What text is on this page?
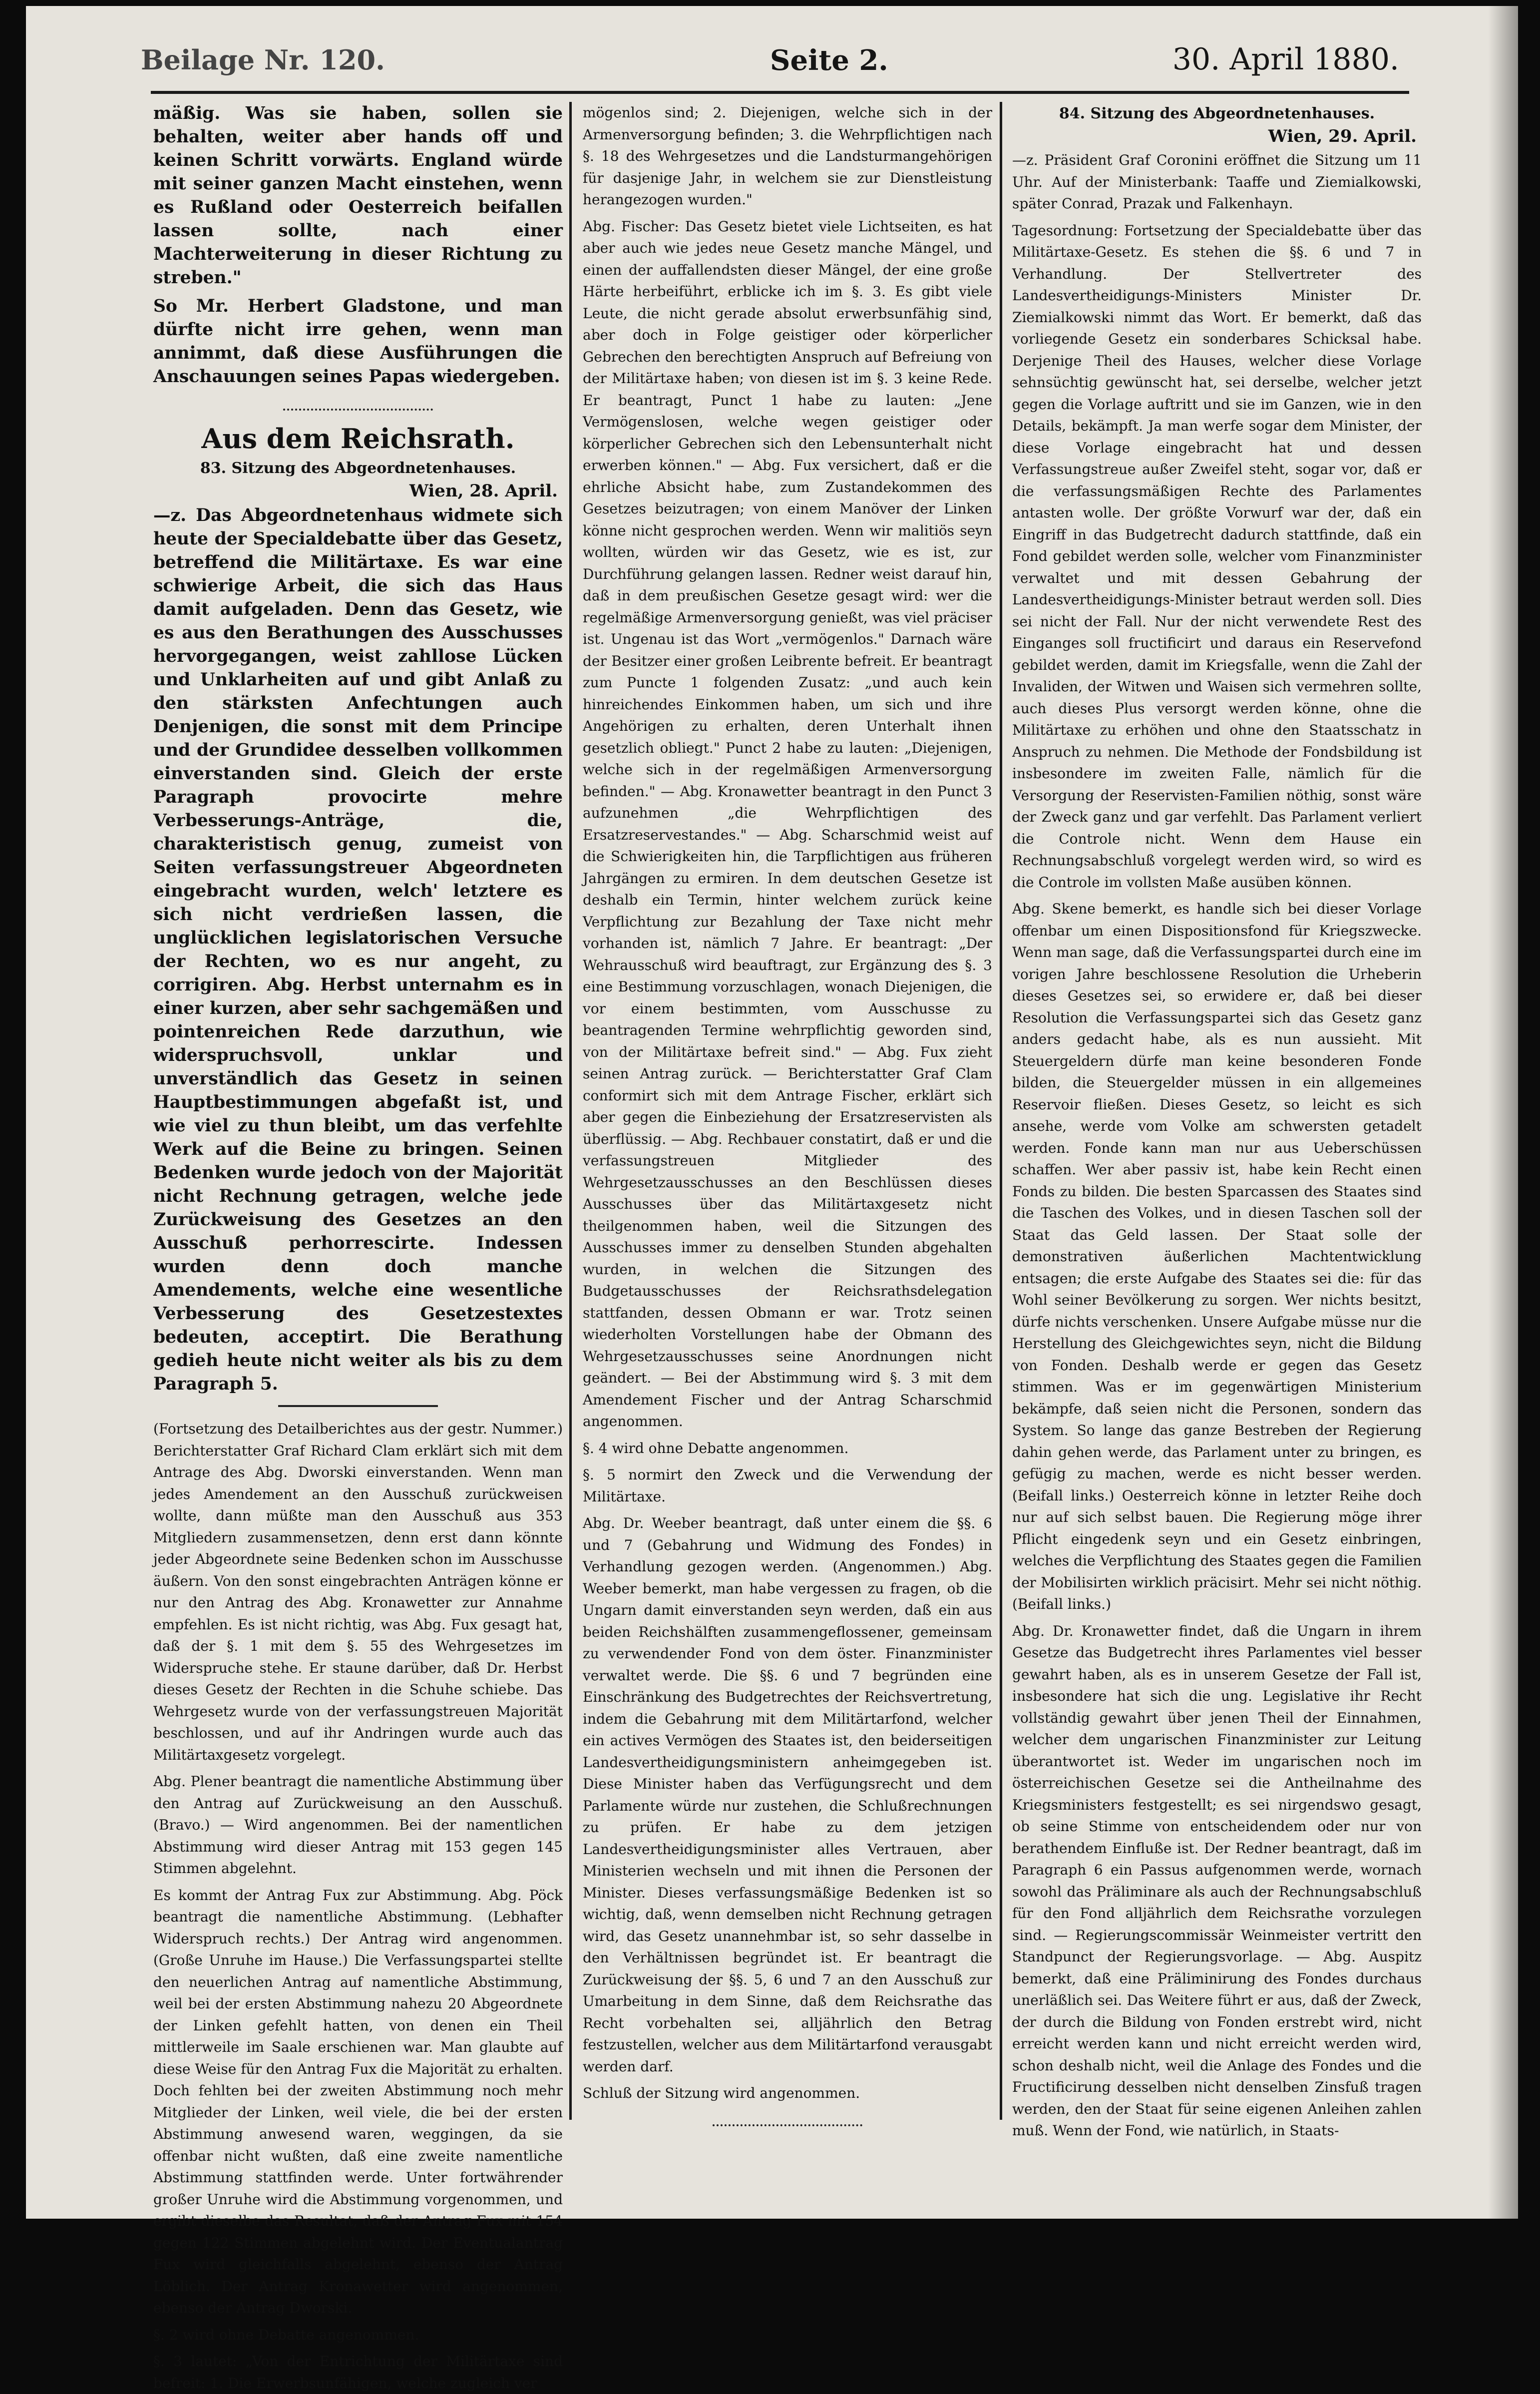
Beilage Nr. 120.	Seite 2.	30. April 1880.

mäßig. Was sie haben, sollen sie behalten, weiter aber hands off und keinen Schritt vorwärts. England würde mit seiner ganzen Macht einstehen, wenn es Rußland oder Oesterreich beifallen lassen sollte, nach einer Machterweiterung in dieser Richtung zu streben."

So Mr. Herbert Gladstone, und man dürfte nicht irre gehen, wenn man annimmt, daß diese Ausführungen die Anschauungen seines Papas wiedergeben.

Aus dem Reichsrath.
83. Sitzung des Abgeordnetenhauses.
Wien, 28. April.

—z. Das Abgeordnetenhaus widmete sich heute der Specialdebatte über das Gesetz, betreffend die Militärtaxe. Es war eine schwierige Arbeit, die sich das Haus damit aufgeladen. Denn das Gesetz, wie es aus den Berathungen des Ausschusses hervorgegangen, weist zahllose Lücken und Unklarheiten auf und gibt Anlaß zu den stärksten Anfechtungen auch Denjenigen, die sonst mit dem Principe und der Grundidee desselben vollkommen einverstanden sind. Gleich der erste Paragraph provocirte mehre Verbesserungs-Anträge, die, charakteristisch genug, zumeist von Seiten verfassungstreuer Abgeordneten eingebracht wurden, welch' letztere es sich nicht verdrießen lassen, die unglücklichen legislatorischen Versuche der Rechten, wo es nur angeht, zu corrigiren. Abg. Herbst unternahm es in einer kurzen, aber sehr sachgemäßen und pointenreichen Rede darzuthun, wie widerspruchsvoll, unklar und unverständlich das Gesetz in seinen Hauptbestimmungen abgefaßt ist, und wie viel zu thun bleibt, um das verfehlte Werk auf die Beine zu bringen. Seinen Bedenken wurde jedoch von der Majorität nicht Rechnung getragen, welche jede Zurückweisung des Gesetzes an den Ausschuß perhorrescirte. Indessen wurden denn doch manche Amendements, welche eine wesentliche Verbesserung des Gesetzestextes bedeuten, acceptirt. Die Berathung gedieh heute nicht weiter als bis zu dem Paragraph 5.

(Fortsetzung des Detailberichtes aus der gestr. Nummer.) Berichterstatter Graf Richard Clam erklärt sich mit dem Antrage des Abg. Dworski einverstanden. Wenn man jedes Amendement an den Ausschuß zurückweisen wollte, dann müßte man den Ausschuß aus 353 Mitgliedern zusammensetzen, denn erst dann könnte jeder Abgeordnete seine Bedenken schon im Ausschusse äußern. Von den sonst eingebrachten Anträgen könne er nur den Antrag des Abg. Kronawetter zur Annahme empfehlen. Es ist nicht richtig, was Abg. Fux gesagt hat, daß der §. 1 mit dem §. 55 des Wehrgesetzes im Widerspruche stehe. Er staune darüber, daß Dr. Herbst dieses Gesetz der Rechten in die Schuhe schiebe. Das Wehrgesetz wurde von der verfassungstreuen Majorität beschlossen, und auf ihr Andringen wurde auch das Militärtaxgesetz vorgelegt.

Abg. Plener beantragt die namentliche Abstimmung über den Antrag auf Zurückweisung an den Ausschuß. (Bravo.) — Wird angenommen. Bei der namentlichen Abstimmung wird dieser Antrag mit 153 gegen 145 Stimmen abgelehnt.

Es kommt der Antrag Fux zur Abstimmung. Abg. Pöck beantragt die namentliche Abstimmung. (Lebhafter Widerspruch rechts.) Der Antrag wird angenommen. (Große Unruhe im Hause.) Die Verfassungspartei stellte den neuerlichen Antrag auf namentliche Abstimmung, weil bei der ersten Abstimmung nahezu 20 Abgeordnete der Linken gefehlt hatten, von denen ein Theil mittlerweile im Saale erschienen war. Man glaubte auf diese Weise für den Antrag Fux die Majorität zu erhalten. Doch fehlten bei der zweiten Abstimmung noch mehr Mitglieder der Linken, weil viele, die bei der ersten Abstimmung anwesend waren, weggingen, da sie offenbar nicht wußten, daß eine zweite namentliche Abstimmung stattfinden werde. Unter fortwährender großer Unruhe wird die Abstimmung vorgenommen, und ergibt dieselbe das Resultat, daß der Antrag Fux mit 154 gegen 122 Stimmen abgelehnt wird. Der Eventualantrag Fux wird gleichfalls abgelehnt, ebenso der Antrag Löblich. Der Antrag Kronawetter wird angenommen, ebenso der Antrag Dworski.

§. 2 wird ohne Debatte angenommen.

§. 3 lautet: „Von der Entrichtung der Militärtaxe sind befreit: 1. Die Erwerbsunfähigen, welche zugleich ver

mögenlos sind; 2. Diejenigen, welche sich in der Armenversorgung befinden; 3. die Wehrpflichtigen nach §. 18 des Wehrgesetzes und die Landsturmangehörigen für dasjenige Jahr, in welchem sie zur Dienstleistung herangezogen wurden."

Abg. Fischer: Das Gesetz bietet viele Lichtseiten, es hat aber auch wie jedes neue Gesetz manche Mängel, und einen der auffallendsten dieser Mängel, der eine große Härte herbeiführt, erblicke ich im §. 3. Es gibt viele Leute, die nicht gerade absolut erwerbsunfähig sind, aber doch in Folge geistiger oder körperlicher Gebrechen den berechtigten Anspruch auf Befreiung von der Militärtaxe haben; von diesen ist im §. 3 keine Rede. Er beantragt, Punct 1 habe zu lauten: „Jene Vermögenslosen, welche wegen geistiger oder körperlicher Gebrechen sich den Lebensunterhalt nicht erwerben können." — Abg. Fux versichert, daß er die ehrliche Absicht habe, zum Zustandekommen des Gesetzes beizutragen; von einem Manöver der Linken könne nicht gesprochen werden. Wenn wir malitiös seyn wollten, würden wir das Gesetz, wie es ist, zur Durchführung gelangen lassen. Redner weist darauf hin, daß in dem preußischen Gesetze gesagt wird: wer die regelmäßige Armenversorgung genießt, was viel präciser ist. Ungenau ist das Wort „vermögenlos." Darnach wäre der Besitzer einer großen Leibrente befreit. Er beantragt zum Puncte 1 folgenden Zusatz: „und auch kein hinreichendes Einkommen haben, um sich und ihre Angehörigen zu erhalten, deren Unterhalt ihnen gesetzlich obliegt." Punct 2 habe zu lauten: „Diejenigen, welche sich in der regelmäßigen Armenversorgung befinden." — Abg. Kronawetter beantragt in den Punct 3 aufzunehmen „die Wehrpflichtigen des Ersatzreservestandes." — Abg. Scharschmid weist auf die Schwierigkeiten hin, die Tarpflichtigen aus früheren Jahrgängen zu ermiren. In dem deutschen Gesetze ist deshalb ein Termin, hinter welchem zurück keine Verpflichtung zur Bezahlung der Taxe nicht mehr vorhanden ist, nämlich 7 Jahre. Er beantragt: „Der Wehrausschuß wird beauftragt, zur Ergänzung des §. 3 eine Bestimmung vorzuschlagen, wonach Diejenigen, die vor einem bestimmten, vom Ausschusse zu beantragenden Termine wehrpflichtig geworden sind, von der Militärtaxe befreit sind." — Abg. Fux zieht seinen Antrag zurück. — Berichterstatter Graf Clam conformirt sich mit dem Antrage Fischer, erklärt sich aber gegen die Einbeziehung der Ersatzreservisten als überflüssig. — Abg. Rechbauer constatirt, daß er und die verfassungstreuen Mitglieder des Wehrgesetzausschusses an den Beschlüssen dieses Ausschusses über das Militärtaxgesetz nicht theilgenommen haben, weil die Sitzungen des Ausschusses immer zu denselben Stunden abgehalten wurden, in welchen die Sitzungen des Budgetausschusses der Reichsrathsdelegation stattfanden, dessen Obmann er war. Trotz seinen wiederholten Vorstellungen habe der Obmann des Wehrgesetzausschusses seine Anordnungen nicht geändert. — Bei der Abstimmung wird §. 3 mit dem Amendement Fischer und der Antrag Scharschmid angenommen.

§. 4 wird ohne Debatte angenommen.

§. 5 normirt den Zweck und die Verwendung der Militärtaxe.

Abg. Dr. Weeber beantragt, daß unter einem die §§. 6 und 7 (Gebahrung und Widmung des Fondes) in Verhandlung gezogen werden. (Angenommen.) Abg. Weeber bemerkt, man habe vergessen zu fragen, ob die Ungarn damit einverstanden seyn werden, daß ein aus beiden Reichshälften zusammengeflossener, gemeinsam zu verwendender Fond von dem öster. Finanzminister verwaltet werde. Die §§. 6 und 7 begründen eine Einschränkung des Budgetrechtes der Reichsvertretung, indem die Gebahrung mit dem Militärtarfond, welcher ein actives Vermögen des Staates ist, den beiderseitigen Landesvertheidigungsministern anheimgegeben ist. Diese Minister haben das Verfügungsrecht und dem Parlamente würde nur zustehen, die Schlußrechnungen zu prüfen. Er habe zu dem jetzigen Landesvertheidigungsminister alles Vertrauen, aber Ministerien wechseln und mit ihnen die Personen der Minister. Dieses verfassungsmäßige Bedenken ist so wichtig, daß, wenn demselben nicht Rechnung getragen wird, das Gesetz unannehmbar ist, so sehr dasselbe in den Verhältnissen begründet ist. Er beantragt die Zurückweisung der §§. 5, 6 und 7 an den Ausschuß zur Umarbeitung in dem Sinne, daß dem Reichsrathe das Recht vorbehalten sei, alljährlich den Betrag festzustellen, welcher aus dem Militärtarfond verausgabt werden darf.

Schluß der Sitzung wird angenommen.

84. Sitzung des Abgeordnetenhauses.
Wien, 29. April.

—z. Präsident Graf Coronini eröffnet die Sitzung um 11 Uhr. Auf der Ministerbank: Taaffe und Ziemialkowski, später Conrad, Prazak und Falkenhayn.

Tagesordnung: Fortsetzung der Specialdebatte über das Militärtaxe-Gesetz. Es stehen die §§. 6 und 7 in Verhandlung. Der Stellvertreter des Landesvertheidigungs-Ministers Minister Dr. Ziemialkowski nimmt das Wort. Er bemerkt, daß das vorliegende Gesetz ein sonderbares Schicksal habe. Derjenige Theil des Hauses, welcher diese Vorlage sehnsüchtig gewünscht hat, sei derselbe, welcher jetzt gegen die Vorlage auftritt und sie im Ganzen, wie in den Details, bekämpft. Ja man werfe sogar dem Minister, der diese Vorlage eingebracht hat und dessen Verfassungstreue außer Zweifel steht, sogar vor, daß er die verfassungsmäßigen Rechte des Parlamentes antasten wolle. Der größte Vorwurf war der, daß ein Eingriff in das Budgetrecht dadurch stattfinde, daß ein Fond gebildet werden solle, welcher vom Finanzminister verwaltet und mit dessen Gebahrung der Landesvertheidigungs-Minister betraut werden soll. Dies sei nicht der Fall. Nur der nicht verwendete Rest des Einganges soll fructificirt und daraus ein Reservefond gebildet werden, damit im Kriegsfalle, wenn die Zahl der Invaliden, der Witwen und Waisen sich vermehren sollte, auch dieses Plus versorgt werden könne, ohne die Militärtaxe zu erhöhen und ohne den Staatsschatz in Anspruch zu nehmen. Die Methode der Fondsbildung ist insbesondere im zweiten Falle, nämlich für die Versorgung der Reservisten-Familien nöthig, sonst wäre der Zweck ganz und gar verfehlt. Das Parlament verliert die Controle nicht. Wenn dem Hause ein Rechnungsabschluß vorgelegt werden wird, so wird es die Controle im vollsten Maße ausüben können.

Abg. Skene bemerkt, es handle sich bei dieser Vorlage offenbar um einen Dispositionsfond für Kriegszwecke. Wenn man sage, daß die Verfassungspartei durch eine im vorigen Jahre beschlossene Resolution die Urheberin dieses Gesetzes sei, so erwidere er, daß bei dieser Resolution die Verfassungspartei sich das Gesetz ganz anders gedacht habe, als es nun aussieht. Mit Steuergeldern dürfe man keine besonderen Fonde bilden, die Steuergelder müssen in ein allgemeines Reservoir fließen. Dieses Gesetz, so leicht es sich ansehe, werde vom Volke am schwersten getadelt werden. Fonde kann man nur aus Ueberschüssen schaffen. Wer aber passiv ist, habe kein Recht einen Fonds zu bilden. Die besten Sparcassen des Staates sind die Taschen des Volkes, und in diesen Taschen soll der Staat das Geld lassen. Der Staat solle der demonstrativen äußerlichen Machtentwicklung entsagen; die erste Aufgabe des Staates sei die: für das Wohl seiner Bevölkerung zu sorgen. Wer nichts besitzt, dürfe nichts verschenken. Unsere Aufgabe müsse nur die Herstellung des Gleichgewichtes seyn, nicht die Bildung von Fonden. Deshalb werde er gegen das Gesetz stimmen. Was er im gegenwärtigen Ministerium bekämpfe, daß seien nicht die Personen, sondern das System. So lange das ganze Bestreben der Regierung dahin gehen werde, das Parlament unter zu bringen, es gefügig zu machen, werde es nicht besser werden. (Beifall links.) Oesterreich könne in letzter Reihe doch nur auf sich selbst bauen. Die Regierung möge ihrer Pflicht eingedenk seyn und ein Gesetz einbringen, welches die Verpflichtung des Staates gegen die Familien der Mobilisirten wirklich präcisirt. Mehr sei nicht nöthig. (Beifall links.)

Abg. Dr. Kronawetter findet, daß die Ungarn in ihrem Gesetze das Budgetrecht ihres Parlamentes viel besser gewahrt haben, als es in unserem Gesetze der Fall ist, insbesondere hat sich die ung. Legislative ihr Recht vollständig gewahrt über jenen Theil der Einnahmen, welcher dem ungarischen Finanzminister zur Leitung überantwortet ist. Weder im ungarischen noch im österreichischen Gesetze sei die Antheilnahme des Kriegsministers festgestellt; es sei nirgendswo gesagt, ob seine Stimme von entscheidendem oder nur von berathendem Einfluße ist. Der Redner beantragt, daß im Paragraph 6 ein Passus aufgenommen werde, wornach sowohl das Präliminare als auch der Rechnungsabschluß für den Fond alljährlich dem Reichsrathe vorzulegen sind. — Regierungscommissär Weinmeister vertritt den Standpunct der Regierungsvorlage. — Abg. Auspitz bemerkt, daß eine Präliminirung des Fondes durchaus unerläßlich sei. Das Weitere führt er aus, daß der Zweck, der durch die Bildung von Fonden erstrebt wird, nicht erreicht werden kann und nicht erreicht werden wird, schon deshalb nicht, weil die Anlage des Fondes und die Fructificirung desselben nicht denselben Zinsfuß tragen werden, den der Staat für seine eigenen Anleihen zahlen muß. Wenn der Fond, wie natürlich, in Staats-
